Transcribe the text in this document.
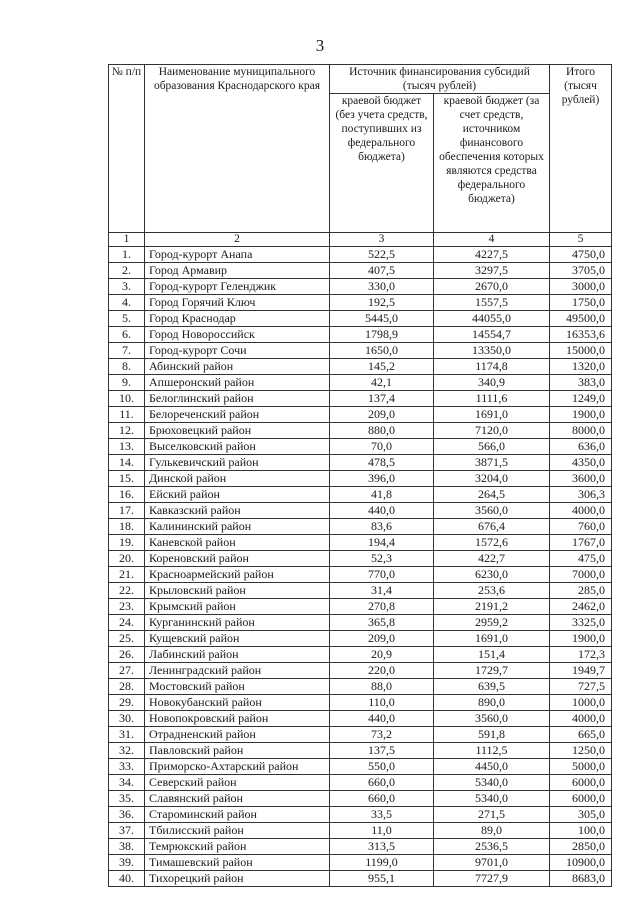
3
№ п/п	Наименование муниципального образования Краснодарского края	Источник финансирования субсидий (тысяч рублей)		Итого (тысяч рублей)
		краевой бюджет (без учета средств, поступивших из федерального бюджета)	краевой бюджет (за счет средств, источником финансового обеспечения которых являются средства федерального бюджета)	
1	2	3	4	5
1.	Город-курорт Анапа	522,5	4227,5	4750,0
2.	Город Армавир	407,5	3297,5	3705,0
3.	Город-курорт Геленджик	330,0	2670,0	3000,0
4.	Город Горячий Ключ	192,5	1557,5	1750,0
5.	Город Краснодар	5445,0	44055,0	49500,0
6.	Город Новороссийск	1798,9	14554,7	16353,6
7.	Город-курорт Сочи	1650,0	13350,0	15000,0
8.	Абинский район	145,2	1174,8	1320,0
9.	Апшеронский район	42,1	340,9	383,0
10.	Белоглинский район	137,4	1111,6	1249,0
11.	Белореченский район	209,0	1691,0	1900,0
12.	Брюховецкий район	880,0	7120,0	8000,0
13.	Выселковский район	70,0	566,0	636,0
14.	Гулькевичский район	478,5	3871,5	4350,0
15.	Динской район	396,0	3204,0	3600,0
16.	Ейский район	41,8	264,5	306,3
17.	Кавказский район	440,0	3560,0	4000,0
18.	Калининский район	83,6	676,4	760,0
19.	Каневской район	194,4	1572,6	1767,0
20.	Кореновский район	52,3	422,7	475,0
21.	Красноармейский район	770,0	6230,0	7000,0
22.	Крыловский район	31,4	253,6	285,0
23.	Крымский район	270,8	2191,2	2462,0
24.	Курганинский район	365,8	2959,2	3325,0
25.	Кущевский район	209,0	1691,0	1900,0
26.	Лабинский район	20,9	151,4	172,3
27.	Ленинградский район	220,0	1729,7	1949,7
28.	Мостовский район	88,0	639,5	727,5
29.	Новокубанский район	110,0	890,0	1000,0
30.	Новопокровский район	440,0	3560,0	4000,0
31.	Отрадненский район	73,2	591,8	665,0
32.	Павловский район	137,5	1112,5	1250,0
33.	Приморско-Ахтарский район	550,0	4450,0	5000,0
34.	Северский район	660,0	5340,0	6000,0
35.	Славянский район	660,0	5340,0	6000,0
36.	Староминский район	33,5	271,5	305,0
37.	Тбилисский район	11,0	89,0	100,0
38.	Темрюкский район	313,5	2536,5	2850,0
39.	Тимашевский район	1199,0	9701,0	10900,0
40.	Тихорецкий район	955,1	7727,9	8683,0
